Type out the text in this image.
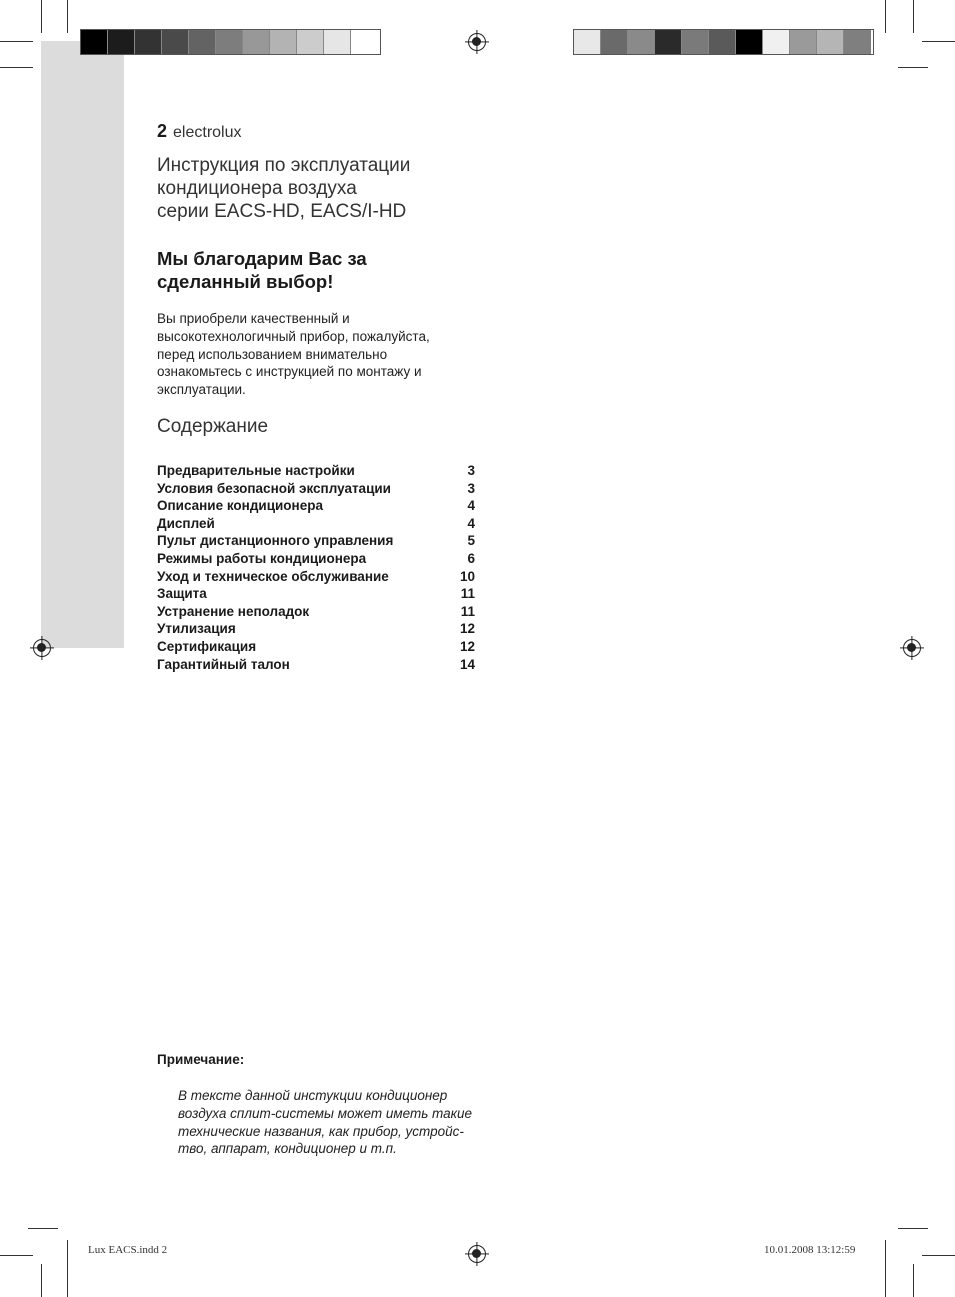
2 electrolux
Инструкция по эксплуатации
кондиционера воздуха
серии EACS-HD, EACS/I-HD
Мы благодарим Вас за
сделанный выбор!
Вы приобрели качественный и
высокотехнологичный прибор, пожалуйста,
перед использованием внимательно
ознакомьтесь с инструкцией по монтажу и
эксплуатации.
Содержание
Предварительные настройки	3
Условия безопасной эксплуатации	3
Описание кондиционера	4
Дисплей	4
Пульт дистанционного управления	5
Режимы работы кондиционера	6
Уход и техническое обслуживание	10
Защита	11
Устранение неполадок	11
Утилизация	12
Сертификация	12
Гарантийный талон	14
Примечание:
В тексте данной инстукции кондиционер
воздуха сплит-системы может иметь такие
технические названия, как прибор, устройс-
тво, аппарат, кондиционер и т.п.
Lux EACS.indd 2	10.01.2008 13:12:59
